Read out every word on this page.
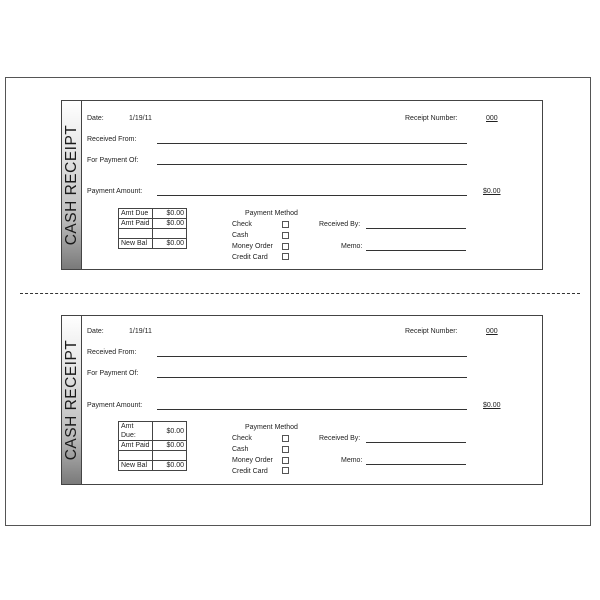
CASH RECEIPT
Date:	1/19/11	Receipt Number:	000
Received From:
For Payment Of:
Payment Amount:	$0.00
Amt Due	$0.00
Amt Paid	$0.00

New Bal	$0.00
Payment Method
Check
Cash
Money Order
Credit Card
Received By:
Memo:
CASH RECEIPT
Date:	1/19/11	Receipt Number:	000
Received From:
For Payment Of:
Payment Amount:	$0.00
Amt Due:	$0.00
Amt Paid	$0.00

New Bal	$0.00
Payment Method
Check
Cash
Money Order
Credit Card
Received By:
Memo:
